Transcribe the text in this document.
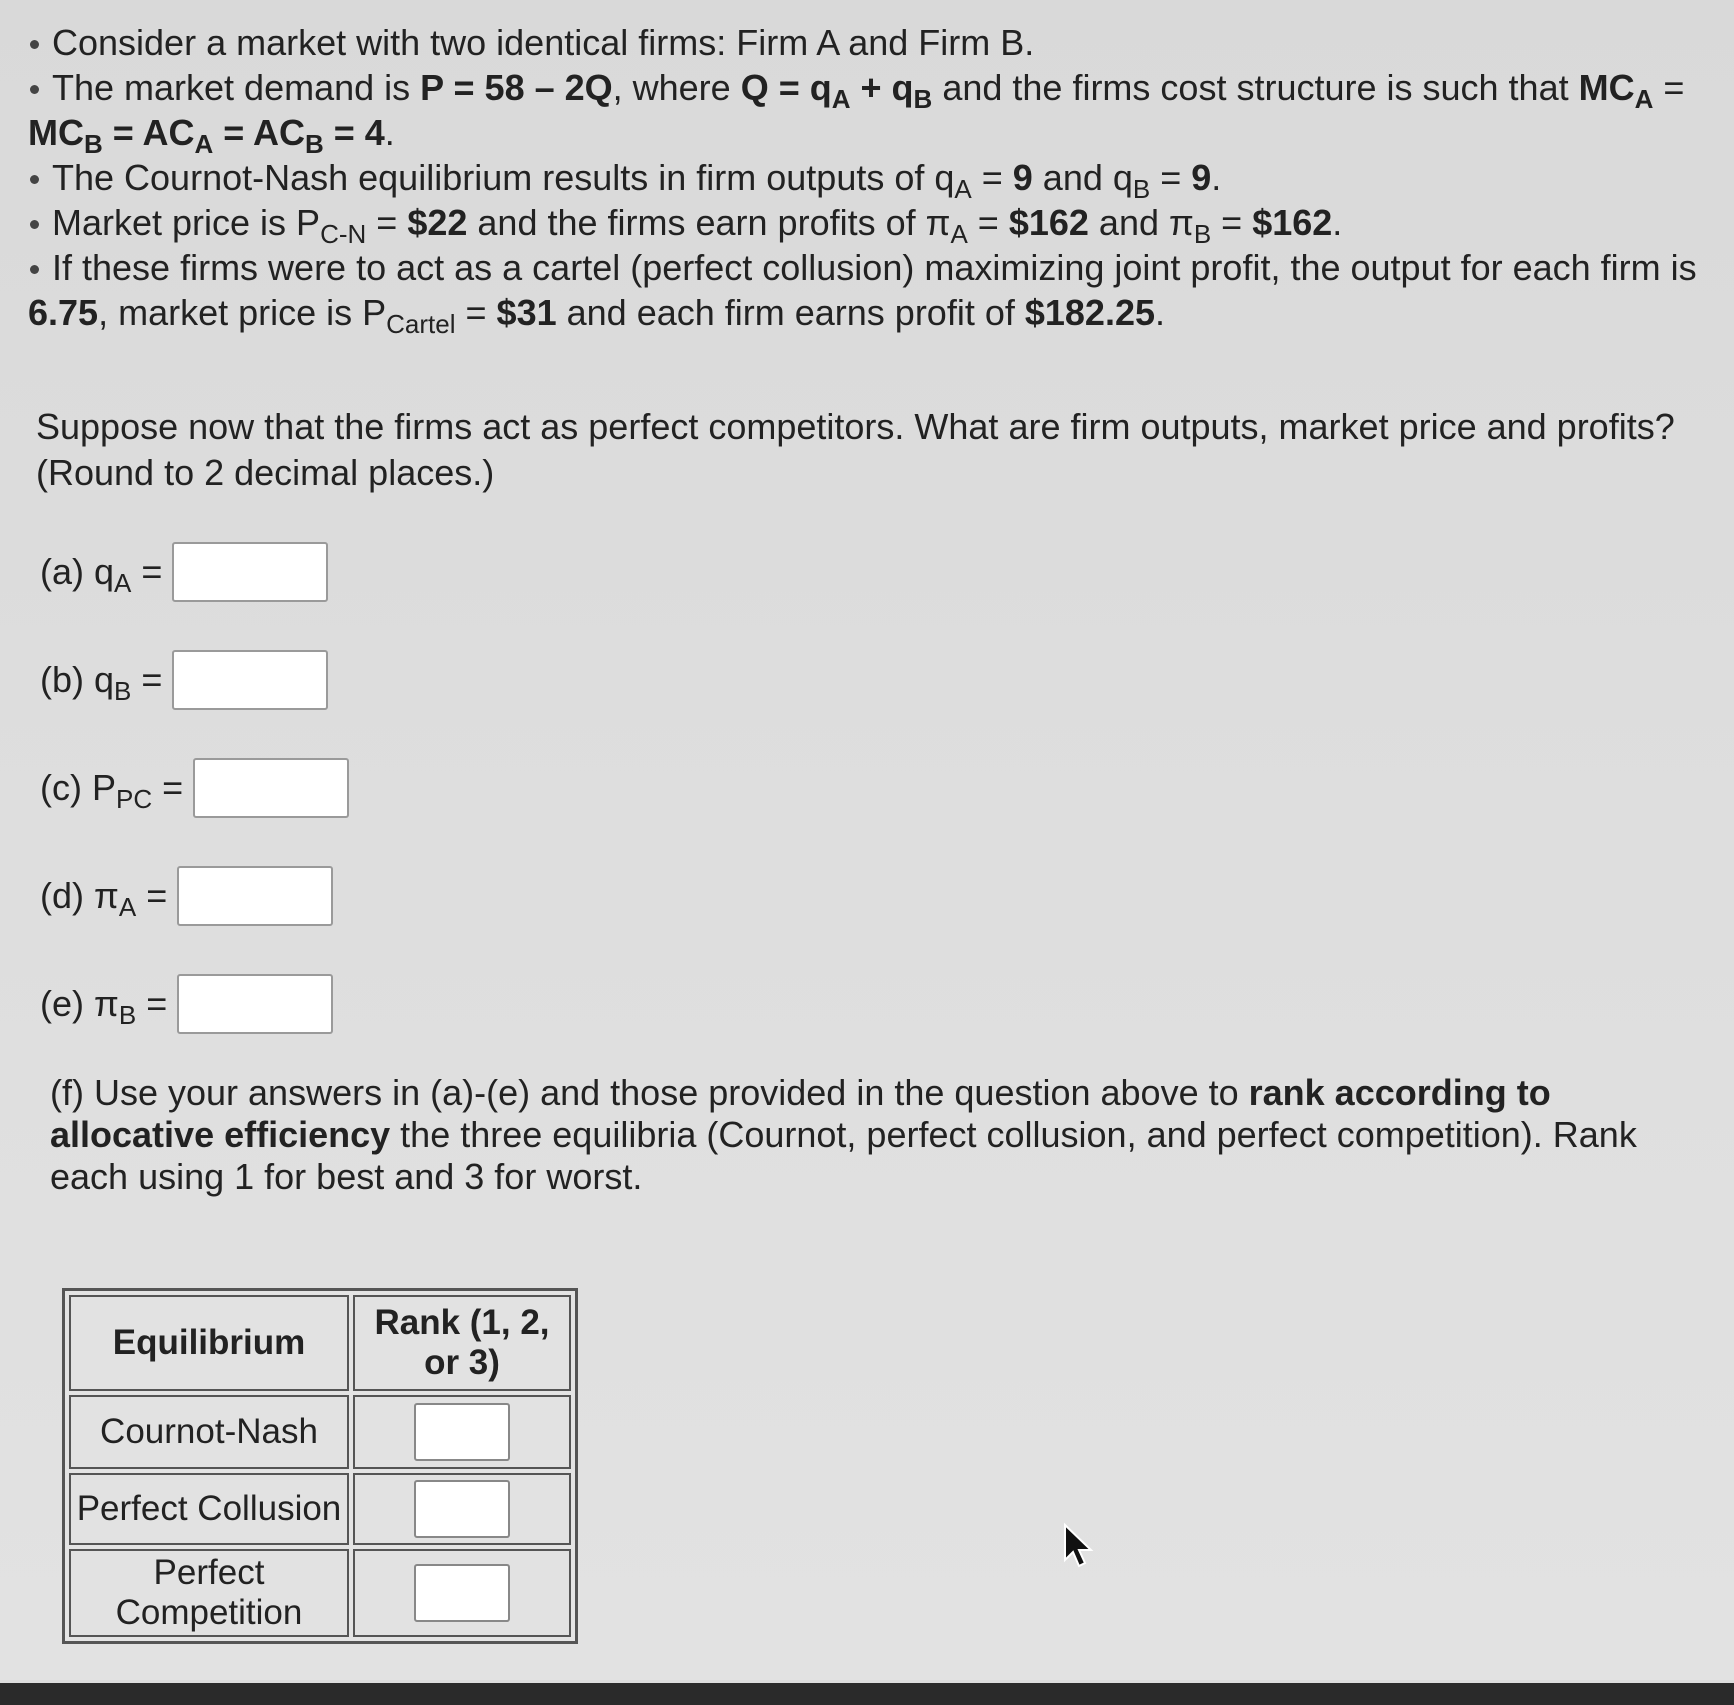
Consider a market with two identical firms: Firm A and Firm B.
The market demand is P = 58 – 2Q, where $Q = q_A + q_B$ and the firms cost structure is such that $MC_A$ =
$MC_B = AC_A = AC_B = 4$.
The Cournot-Nash equilibrium results in firm outputs of $q_A = 9$ and $q_B = 9$.
Market price is $P_{C-N}$ = $22 and the firms earn profits of $\pi_A$ = $162 and $\pi_B$ = $162.
If these firms were to act as a cartel (perfect collusion) maximizing joint profit, the output for each firm is
6.75, market price is $P_{Cartel}$ = $31 and each firm earns profit of $182.25.
Suppose now that the firms act as perfect competitors. What are firm outputs, market price and profits?
(Round to 2 decimal places.)
(a) $q_A$ =
(b) $q_B$ =
(c) $P_{PC}$ =
(d) $\pi_A$ =
(e) $\pi_B$ =
(f) Use your answers in (a)-(e) and those provided in the question above to rank according to allocative efficiency the three equilibria (Cournot, perfect collusion, and perfect competition). Rank each using 1 for best and 3 for worst.
Equilibrium	Rank (1, 2,
or 3)
Cournot-Nash	
Perfect Collusion	
Perfect
Competition	
